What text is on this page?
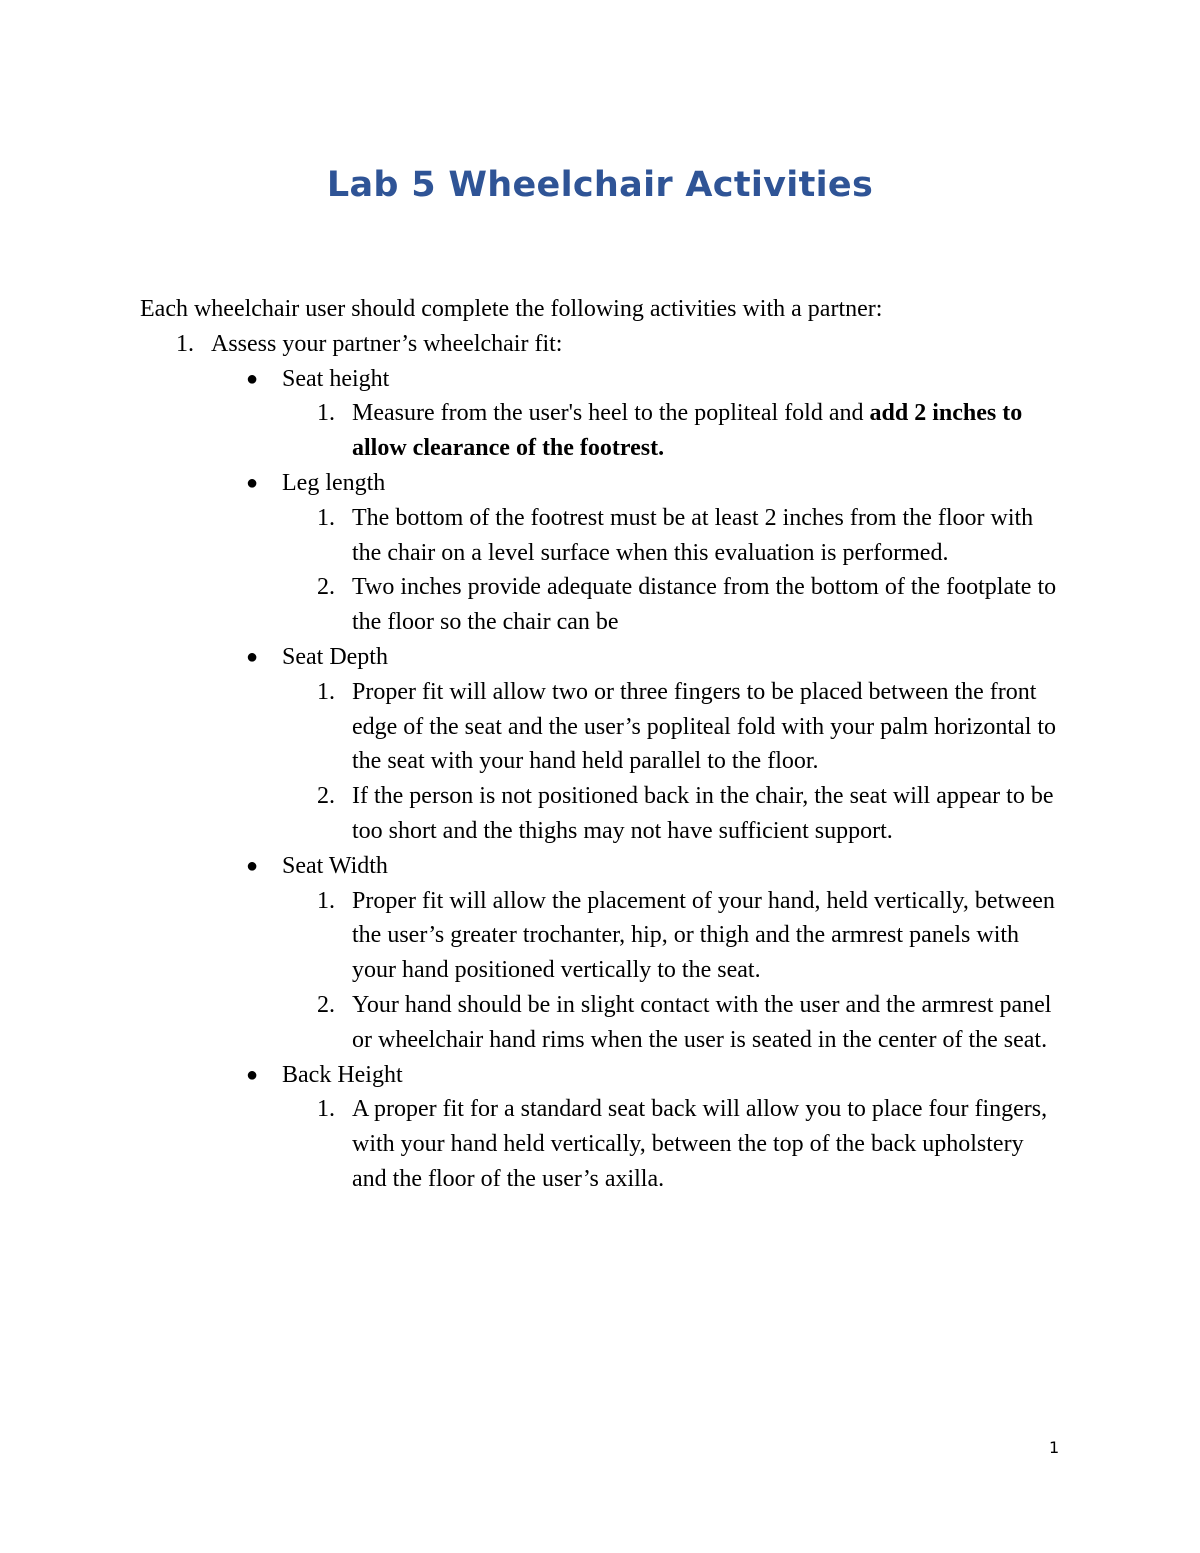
Lab 5 Wheelchair Activities
Each wheelchair user should complete the following activities with a partner:
1. Assess your partner’s wheelchair fit:
● Seat height
1. Measure from the user's heel to the popliteal fold and add 2 inches to allow clearance of the footrest.
● Leg length
1. The bottom of the footrest must be at least 2 inches from the floor with the chair on a level surface when this evaluation is performed.
2. Two inches provide adequate distance from the bottom of the footplate to the floor so the chair can be
● Seat Depth
1. Proper fit will allow two or three fingers to be placed between the front edge of the seat and the user’s popliteal fold with your palm horizontal to the seat with your hand held parallel to the floor.
2. If the person is not positioned back in the chair, the seat will appear to be too short and the thighs may not have sufficient support.
● Seat Width
1. Proper fit will allow the placement of your hand, held vertically, between the user’s greater trochanter, hip, or thigh and the armrest panels with your hand positioned vertically to the seat.
2. Your hand should be in slight contact with the user and the armrest panel or wheelchair hand rims when the user is seated in the center of the seat.
● Back Height
1. A proper fit for a standard seat back will allow you to place four fingers, with your hand held vertically, between the top of the back upholstery and the floor of the user’s axilla.
1
